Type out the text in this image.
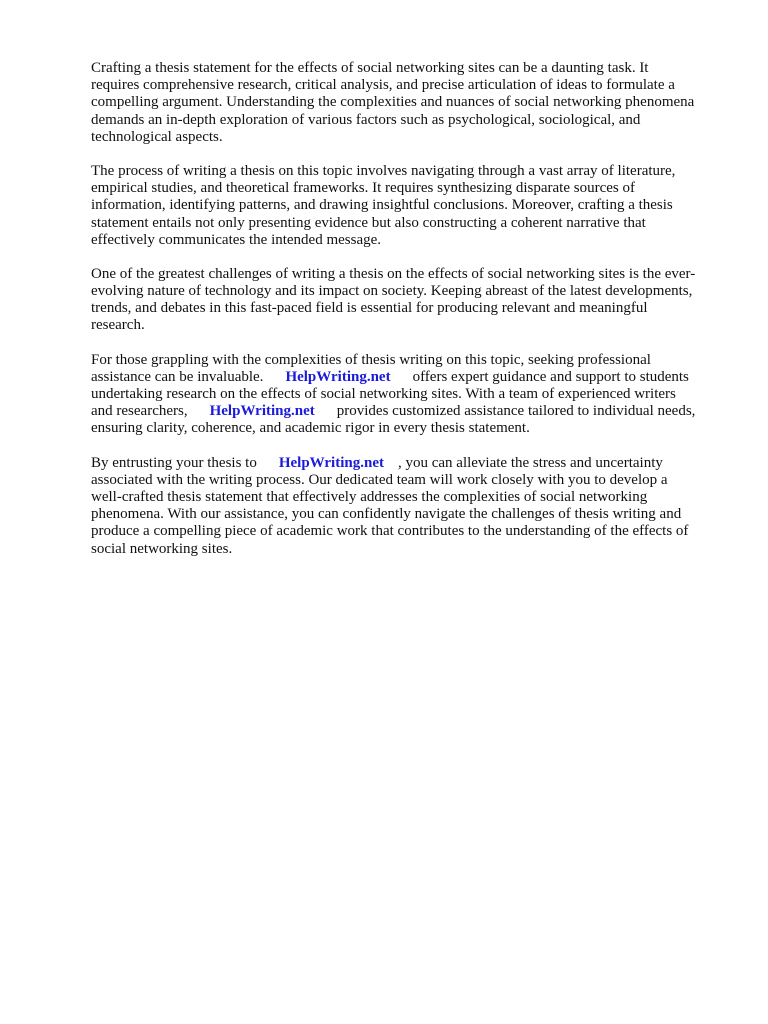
Crafting a thesis statement for the effects of social networking sites can be a daunting task. It
requires comprehensive research, critical analysis, and precise articulation of ideas to formulate a
compelling argument. Understanding the complexities and nuances of social networking phenomena
demands an in-depth exploration of various factors such as psychological, sociological, and
technological aspects.
The process of writing a thesis on this topic involves navigating through a vast array of literature,
empirical studies, and theoretical frameworks. It requires synthesizing disparate sources of
information, identifying patterns, and drawing insightful conclusions. Moreover, crafting a thesis
statement entails not only presenting evidence but also constructing a coherent narrative that
effectively communicates the intended message.
One of the greatest challenges of writing a thesis on the effects of social networking sites is the ever-
evolving nature of technology and its impact on society. Keeping abreast of the latest developments,
trends, and debates in this fast-paced field is essential for producing relevant and meaningful
research.
For those grappling with the complexities of thesis writing on this topic, seeking professional
assistance can be invaluable. HelpWriting.net offers expert guidance and support to students
undertaking research on the effects of social networking sites. With a team of experienced writers
and researchers, HelpWriting.net provides customized assistance tailored to individual needs,
ensuring clarity, coherence, and academic rigor in every thesis statement.
By entrusting your thesis to HelpWriting.net , you can alleviate the stress and uncertainty
associated with the writing process. Our dedicated team will work closely with you to develop a
well-crafted thesis statement that effectively addresses the complexities of social networking
phenomena. With our assistance, you can confidently navigate the challenges of thesis writing and
produce a compelling piece of academic work that contributes to the understanding of the effects of
social networking sites.
